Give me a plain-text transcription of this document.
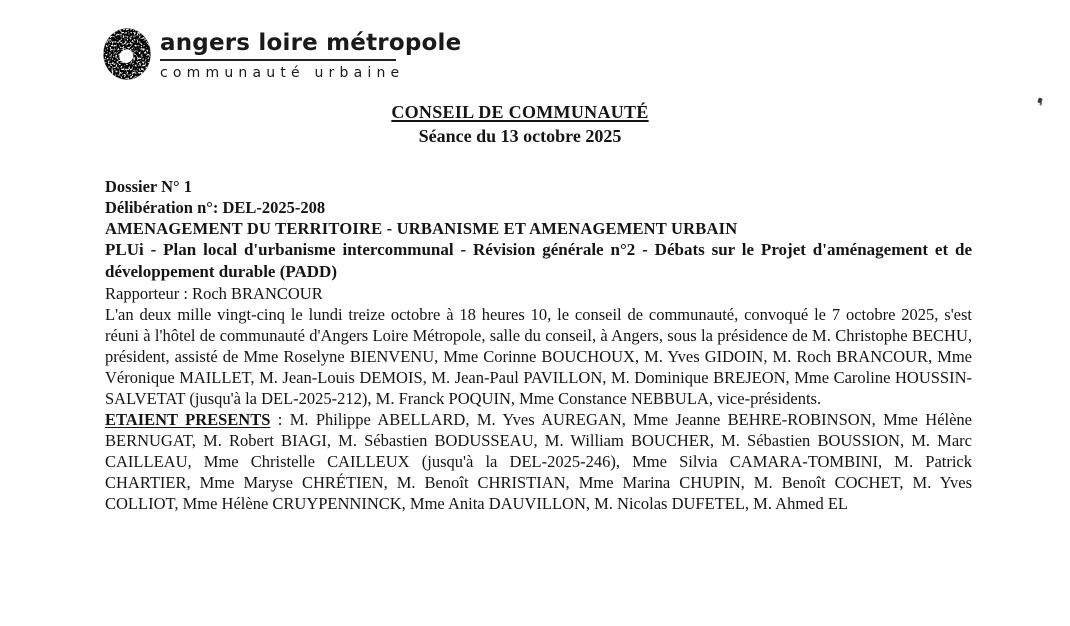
angers loire métropole
communauté urbaine
CONSEIL DE COMMUNAUTÉ
Séance du 13 octobre 2025

Dossier N° 1

Délibération n°: DEL-2025-208

AMENAGEMENT DU TERRITOIRE - URBANISME ET AMENAGEMENT URBAIN

PLUi - Plan local d'urbanisme intercommunal - Révision générale n°2 - Débats sur le Projet d'aménagement et de développement durable (PADD)

Rapporteur : Roch BRANCOUR

L'an deux mille vingt-cinq le lundi treize octobre à 18 heures 10, le conseil de communauté, convoqué le 7 octobre 2025, s'est réuni à l'hôtel de communauté d'Angers Loire Métropole, salle du conseil, à Angers, sous la présidence de M. Christophe BECHU, président, assisté de Mme Roselyne BIENVENU, Mme Corinne BOUCHOUX, M. Yves GIDOIN, M. Roch BRANCOUR, Mme Véronique MAILLET, M. Jean-Louis DEMOIS, M. Jean-Paul PAVILLON, M. Dominique BREJEON, Mme Caroline HOUSSIN-SALVETAT (jusqu'à la DEL-2025-212), M. Franck POQUIN, Mme Constance NEBBULA, vice-présidents.

ETAIENT PRESENTS : M. Philippe ABELLARD, M. Yves AUREGAN, Mme Jeanne BEHRE-ROBINSON, Mme Hélène BERNUGAT, M. Robert BIAGI, M. Sébastien BODUSSEAU, M. William BOUCHER, M. Sébastien BOUSSION, M. Marc CAILLEAU, Mme Christelle CAILLEUX (jusqu'à la DEL-2025-246), Mme Silvia CAMARA-TOMBINI, M. Patrick CHARTIER, Mme Maryse CHRÉTIEN, M. Benoît CHRISTIAN, Mme Marina CHUPIN, M. Benoît COCHET, M. Yves COLLIOT, Mme Hélène CRUYPENNINCK, Mme Anita DAUVILLON, M. Nicolas DUFETEL, M. Ahmed EL
